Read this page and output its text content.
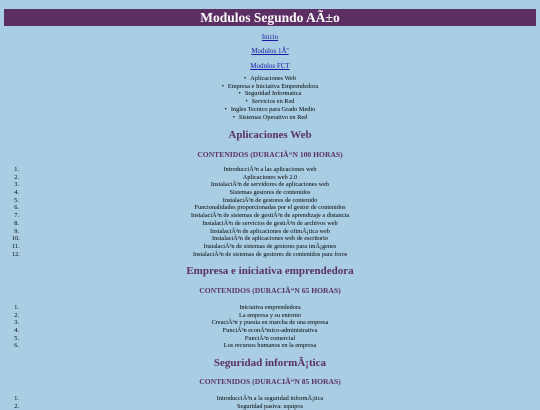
Modulos Segundo AÃ±o
Inicio
Modulos 1Âº
Modulos FCT
• Aplicaciones Web
• Empresa e Iniciativa Emprendedora
• Seguridad Informatica
• Servicios en Red
• Ingles Tecnico para Grado Medio
• Sistemas Operativo en Red
Aplicaciones Web
CONTENIDOS (DURACIÃ“N 100 HORAS)
1.	IntroducciÃ³n a las aplicaciones web
2.	Aplicaciones web 2.0
3.	InstalaciÃ³n de servidores de aplicaciones web
4.	Sistemas gestores de contenidos
5.	InstalaciÃ³n de gestores de contenido
6.	Funcionalidades proporcionadas por el gestor de contenidos
7.	InstalaciÃ³n de sistemas de gestiÃ³n de aprendizaje a distancia
8.	InstalaciÃ³n de servicios de gestiÃ³n de archivos web
9.	InstalaciÃ³n de aplicaciones de ofimÃ¡tica web
10.	InstalaciÃ³n de aplicaciones web de escritorio
11.	InstalaciÃ³n de sistemas de gestores para imÃ¡genes
12.	InstalaciÃ³n de sistemas de gestores de contenidos para foros
Empresa e iniciativa emprendedora
CONTENIDOS (DURACIÃ“N 65 HORAS)
1.	Iniciativa emprendedora
2.	La empresa y su entorno
3.	CreaciÃ³n y puesta en marcha de una empresa
4.	FunciÃ³n econÃ³mico-administrativa
5.	FunciÃ³n comercial
6.	Los recursos humanos en la empresa
Seguridad informÃ¡tica
CONTENIDOS (DURACIÃ“N 85 HORAS)
1.	IntroducciÃ³n a la seguridad informÃ¡tica
2.	Seguridad pasiva: equipos
